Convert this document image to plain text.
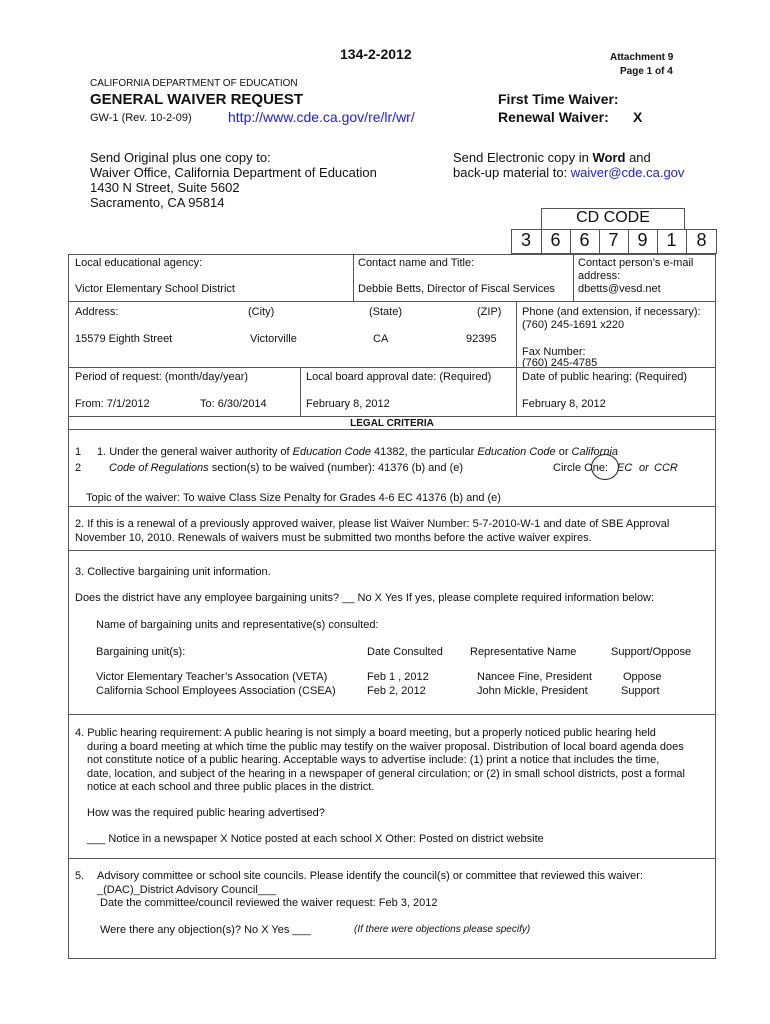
134-2-2012	Attachment 9
Page 1 of 4
CALIFORNIA DEPARTMENT OF EDUCATION
GENERAL WAIVER REQUEST
GW-1 (Rev. 10-2-09)	http://www.cde.ca.gov/re/lr/wr/
First Time Waiver:
Renewal Waiver: X
Send Original plus one copy to:
Waiver Office, California Department of Education
1430 N Street, Suite 5602
Sacramento, CA 95814
Send Electronic copy in Word and
back-up material to: waiver@cde.ca.gov
CD CODE
3	6	6	7	9	1	8
Local educational agency:
Victor Elementary School District
Contact name and Title:
Debbie Betts, Director of Fiscal Services
Contact person’s e-mail
address:
dbetts@vesd.net
Address:	(City)	(State)	(ZIP)
15579 Eighth Street	Victorville	CA	92395
Phone (and extension, if necessary):
(760) 245-1691 x220
Fax Number:
(760) 245-4785
Period of request: (month/day/year)
From: 7/1/2012	To: 6/30/2014
Local board approval date: (Required)
February 8, 2012
Date of public hearing: (Required)
February 8, 2012
LEGAL CRITERIA
1
2
1. Under the general waiver authority of Education Code 41382, the particular Education Code or California
Code of Regulations section(s) to be waived (number): 41376 (b) and (e)	Circle One: EC or CCR
Topic of the waiver: To waive Class Size Penalty for Grades 4-6 EC 41376 (b) and (e)
2. If this is a renewal of a previously approved waiver, please list Waiver Number: 5-7-2010-W-1 and date of SBE Approval
November 10, 2010. Renewals of waivers must be submitted two months before the active waiver expires.
3. Collective bargaining unit information.
Does the district have any employee bargaining units? __ No X Yes If yes, please complete required information below:
Name of bargaining units and representative(s) consulted:
Bargaining unit(s):	Date Consulted Representative Name	Support/Oppose
Victor Elementary Teacher’s Assocation (VETA)	Feb 1 , 2012	Nancee Fine, President	Oppose
California School Employees Association (CSEA)	Feb 2, 2012	John Mickle, President	Support
4. Public hearing requirement: A public hearing is not simply a board meeting, but a properly noticed public hearing held
during a board meeting at which time the public may testify on the waiver proposal. Distribution of local board agenda does
not constitute notice of a public hearing. Acceptable ways to advertise include: (1) print a notice that includes the time,
date, location, and subject of the hearing in a newspaper of general circulation; or (2) in small school districts, post a formal
notice at each school and three public places in the district.
How was the required public hearing advertised?
___ Notice in a newspaper X Notice posted at each school X Other: Posted on district website
5. Advisory committee or school site councils. Please identify the council(s) or committee that reviewed this waiver:
_(DAC)_District Advisory Council___
Date the committee/council reviewed the waiver request: Feb 3, 2012
Were there any objection(s)? No X Yes ___	(If there were objections please specify)
